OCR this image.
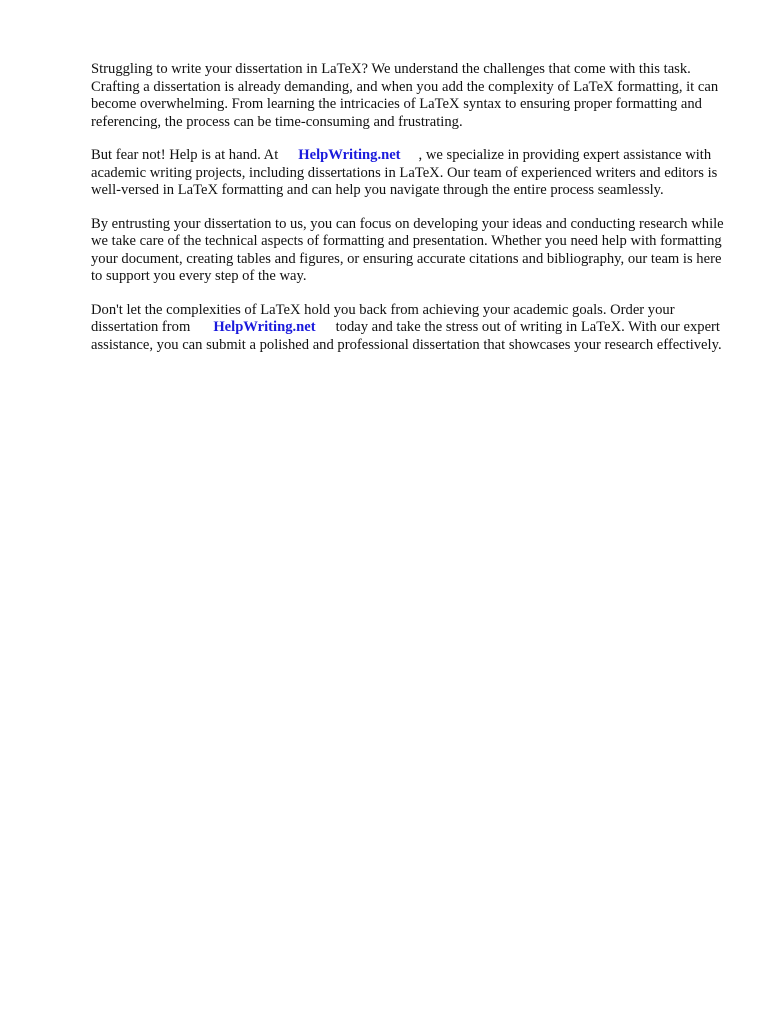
Struggling to write your dissertation in LaTeX? We understand the challenges that come with this task. Crafting a dissertation is already demanding, and when you add the complexity of LaTeX formatting, it can become overwhelming. From learning the intricacies of LaTeX syntax to ensuring proper formatting and referencing, the process can be time-consuming and frustrating.

But fear not! Help is at hand. At HelpWriting.net , we specialize in providing expert assistance with academic writing projects, including dissertations in LaTeX. Our team of experienced writers and editors is well-versed in LaTeX formatting and can help you navigate through the entire process seamlessly.

By entrusting your dissertation to us, you can focus on developing your ideas and conducting research while we take care of the technical aspects of formatting and presentation. Whether you need help with formatting your document, creating tables and figures, or ensuring accurate citations and bibliography, our team is here to support you every step of the way.

Don't let the complexities of LaTeX hold you back from achieving your academic goals. Order your dissertation from HelpWriting.net today and take the stress out of writing in LaTeX. With our expert assistance, you can submit a polished and professional dissertation that showcases your research effectively.
